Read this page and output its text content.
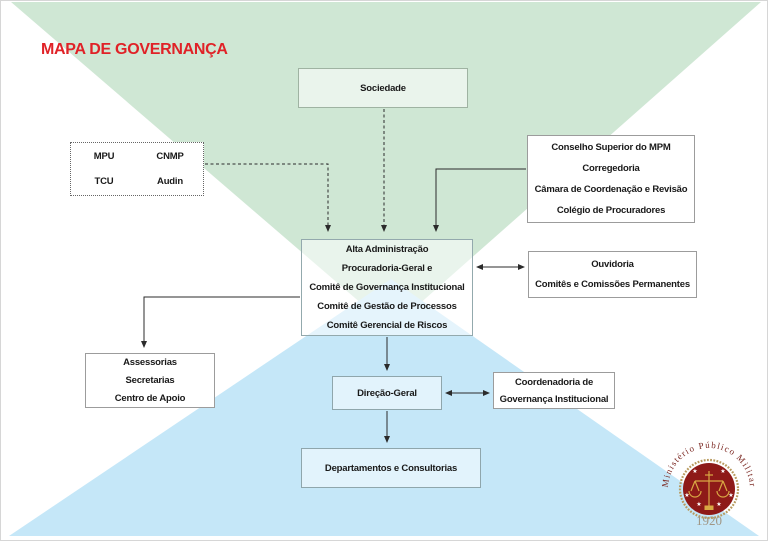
MAPA DE GOVERNANÇA
Sociedade
MPU	CNMP
TCU	Audin
Conselho Superior do MPM
Corregedoria
Câmara de Coordenação e Revisão
Colégio de Procuradores
Alta Administração
Procuradoria-Geral e
Comitê de Governança Institucional
Comitê de Gestão de Processos
Comitê Gerencial de Riscos
Ouvidoria
Comitês e Comissões Permanentes
Assessorias
Secretarias
Centro de Apoio	Direção-Geral
Coordenadoria de
Governança Institucional
Departamentos e Consultorias
Ministério Público Militar
★	★
★	★
★ ★
1920
